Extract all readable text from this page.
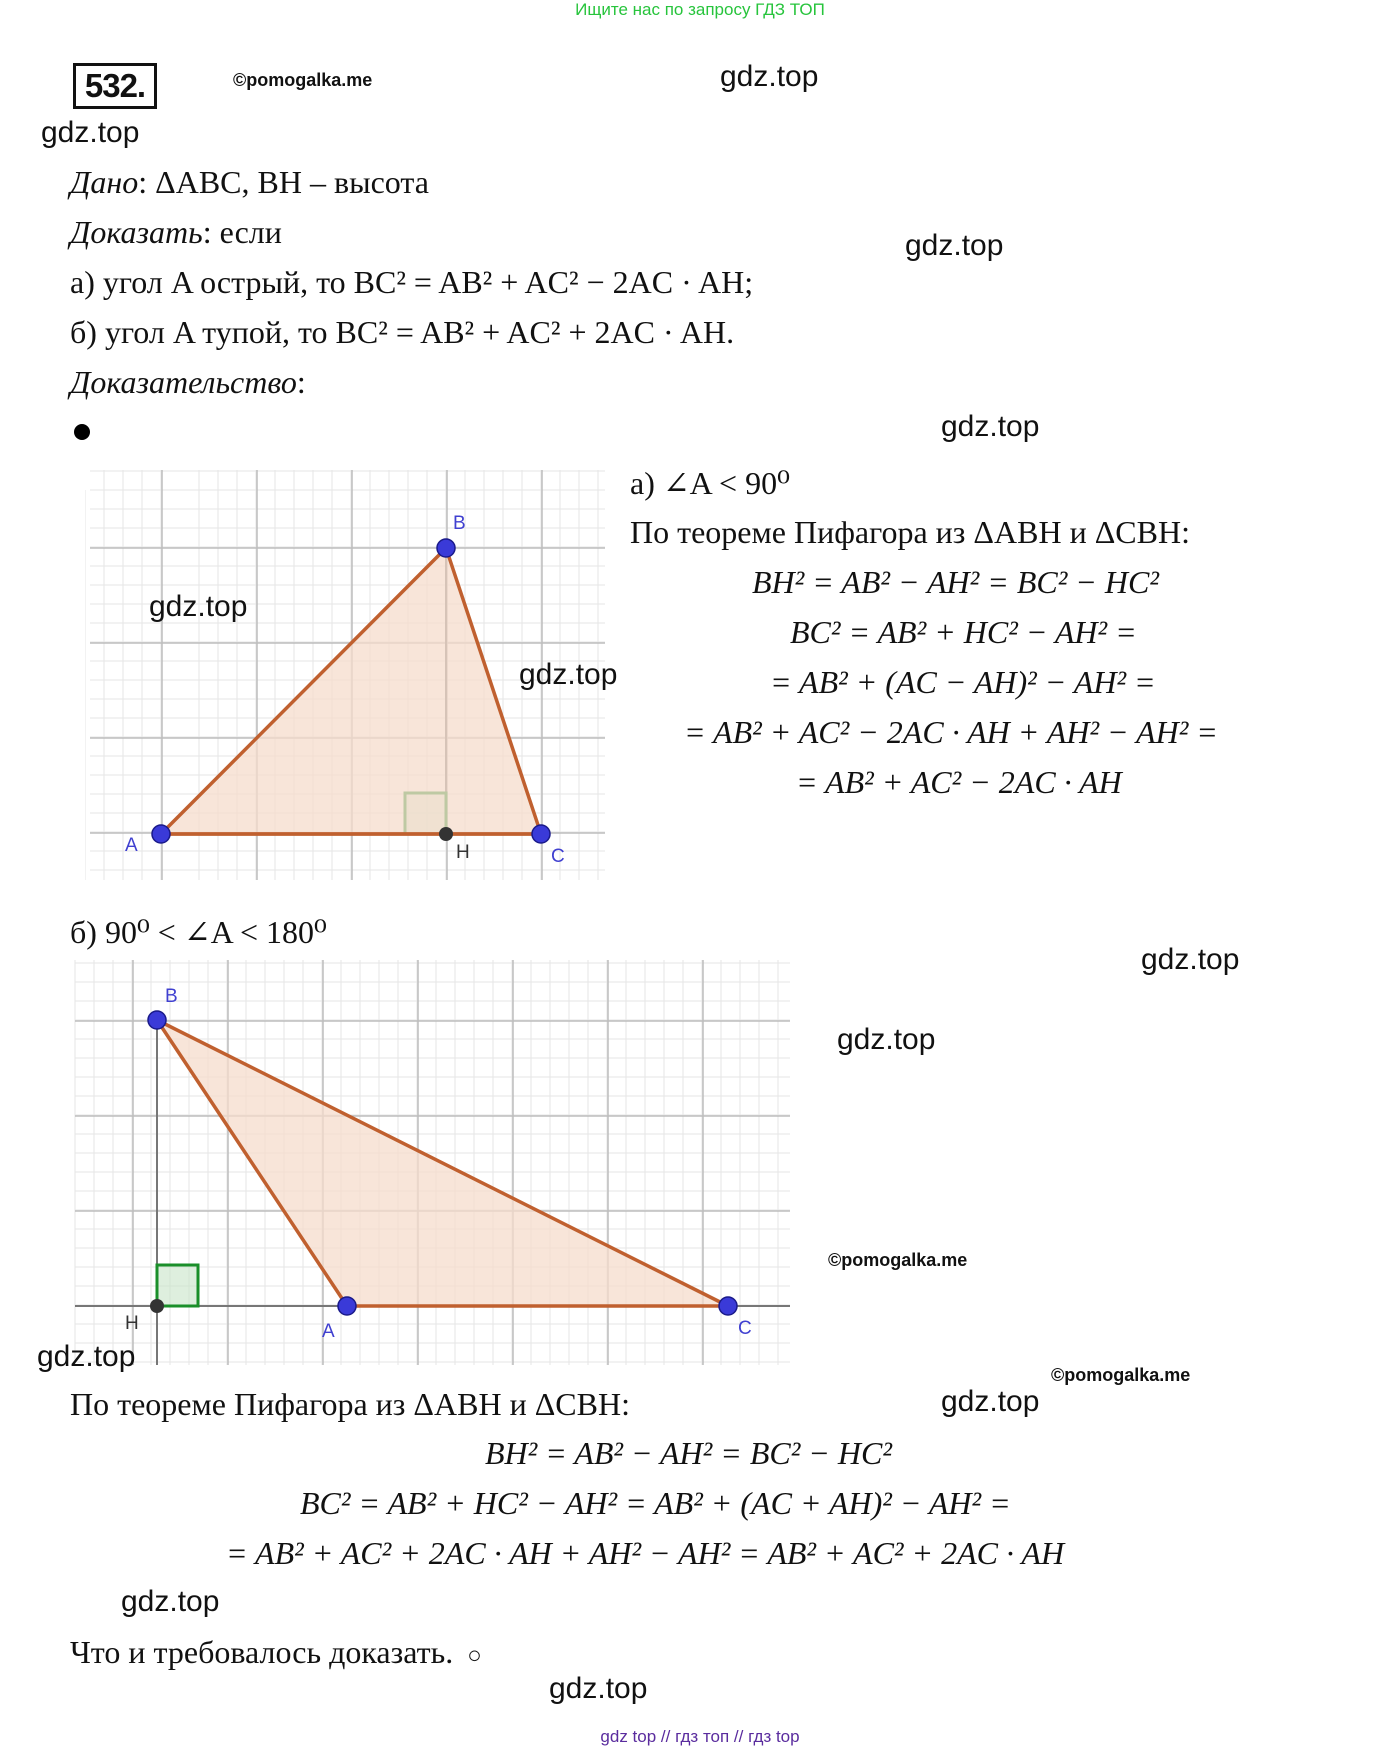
Ищите нас по запросу ГДЗ ТОП
532.	©pomogalka.me	gdz.top
gdz.top
Дано: ΔABC, BH – высота
Доказать: если	gdz.top
а) угол A острый, то BC² = AB² + AC² − 2AC · AH;
б) угол A тупой, то BC² = AB² + AC² + 2AC · AH.
Доказательство:
gdz.top
A
B
C
H
gdz.top
gdz.top
а) ∠A < 90⁰
По теореме Пифагора из ΔABH и ΔCBH:
BH² = AB² − AH² = BC² − HC²
BC² = AB² + HC² − AH² =
= AB² + (AC − AH)² − AH² =
= AB² + AC² − 2AC · AH + AH² − AH² =
= AB² + AC² − 2AC · AH
б) 90⁰ < ∠A < 180⁰
gdz.top
gdz.top
B
A	C
H
©pomogalka.me
gdz.top
©pomogalka.me
По теореме Пифагора из ΔABH и ΔCBH:	gdz.top
BH² = AB² − AH² = BC² − HC²
BC² = AB² + HC² − AH² = AB² + (AC + AH)² − AH² =
= AB² + AC² + 2AC · AH + AH² − AH² = AB² + AC² + 2AC · AH
gdz.top
Что и требовалось доказать. ○
gdz.top
gdz top // гдз топ // гдз top
